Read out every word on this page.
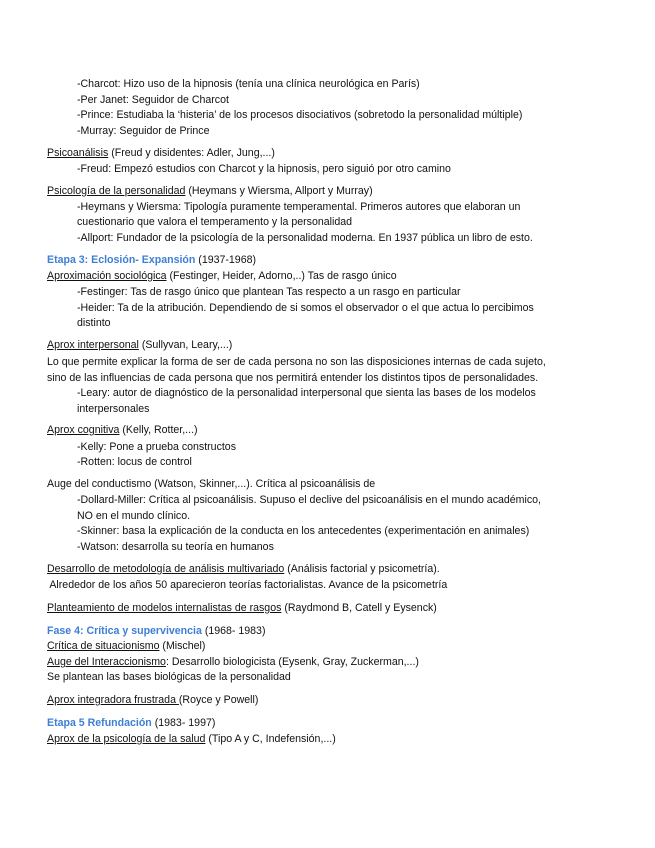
-Charcot: Hizo uso de la hipnosis (tenía una clínica neurológica en París)
-Per Janet: Seguidor de Charcot
-Prince: Estudiaba la ‘histeria’ de los procesos disociativos (sobretodo la personalidad múltiple)
-Murray: Seguidor de Prince
Psicoanálisis (Freud y disidentes: Adler, Jung,...)
-Freud: Empezó estudios con Charcot y la hipnosis, pero siguió por otro camino
Psicología de la personalidad (Heymans y Wiersma, Allport y Murray)
-Heymans y Wiersma: Tipología puramente temperamental. Primeros autores que elaboran un
cuestionario que valora el temperamento y la personalidad
-Allport: Fundador de la psicología de la personalidad moderna. En 1937 pública un libro de esto.
Etapa 3: Eclosión- Expansión (1937-1968)
Aproximación sociológica (Festinger, Heider, Adorno,..) Tas de rasgo único
-Festinger: Tas de rasgo único que plantean Tas respecto a un rasgo en particular
-Heider: Ta de la atribución. Dependiendo de si somos el observador o el que actua lo percibimos
distinto
Aprox interpersonal (Sullyvan, Leary,...)
Lo que permite explicar la forma de ser de cada persona no son las disposiciones internas de cada sujeto,
sino de las influencias de cada persona que nos permitirá entender los distintos tipos de personalidades.
-Leary: autor de diagnóstico de la personalidad interpersonal que sienta las bases de los modelos
interpersonales
Aprox cognitiva (Kelly, Rotter,...)
-Kelly: Pone a prueba constructos
-Rotten: locus de control
Auge del conductismo (Watson, Skinner,...). Crítica al psicoanálisis de
-Dollard-Miller: Crítica al psicoanálisis. Supuso el declive del psicoanálisis en el mundo académico,
NO en el mundo clínico.
-Skinner: basa la explicación de la conducta en los antecedentes (experimentación en animales)
-Watson: desarrolla su teoría en humanos
Desarrollo de metodología de análisis multivariado (Análisis factorial y psicometría).
Alrededor de los años 50 aparecieron teorías factorialistas. Avance de la psicometría
Planteamiento de modelos internalistas de rasgos (Raydmond B, Catell y Eysenck)
Fase 4: Crítica y supervivencia (1968- 1983)
Crítica de situacionismo (Mischel)
Auge del Interaccionismo: Desarrollo biologicista (Eysenk, Gray, Zuckerman,...)
Se plantean las bases biológicas de la personalidad
Aprox integradora frustrada (Royce y Powell)
Etapa 5 Refundación (1983- 1997)
Aprox de la psicología de la salud (Tipo A y C, Indefensión,...)
